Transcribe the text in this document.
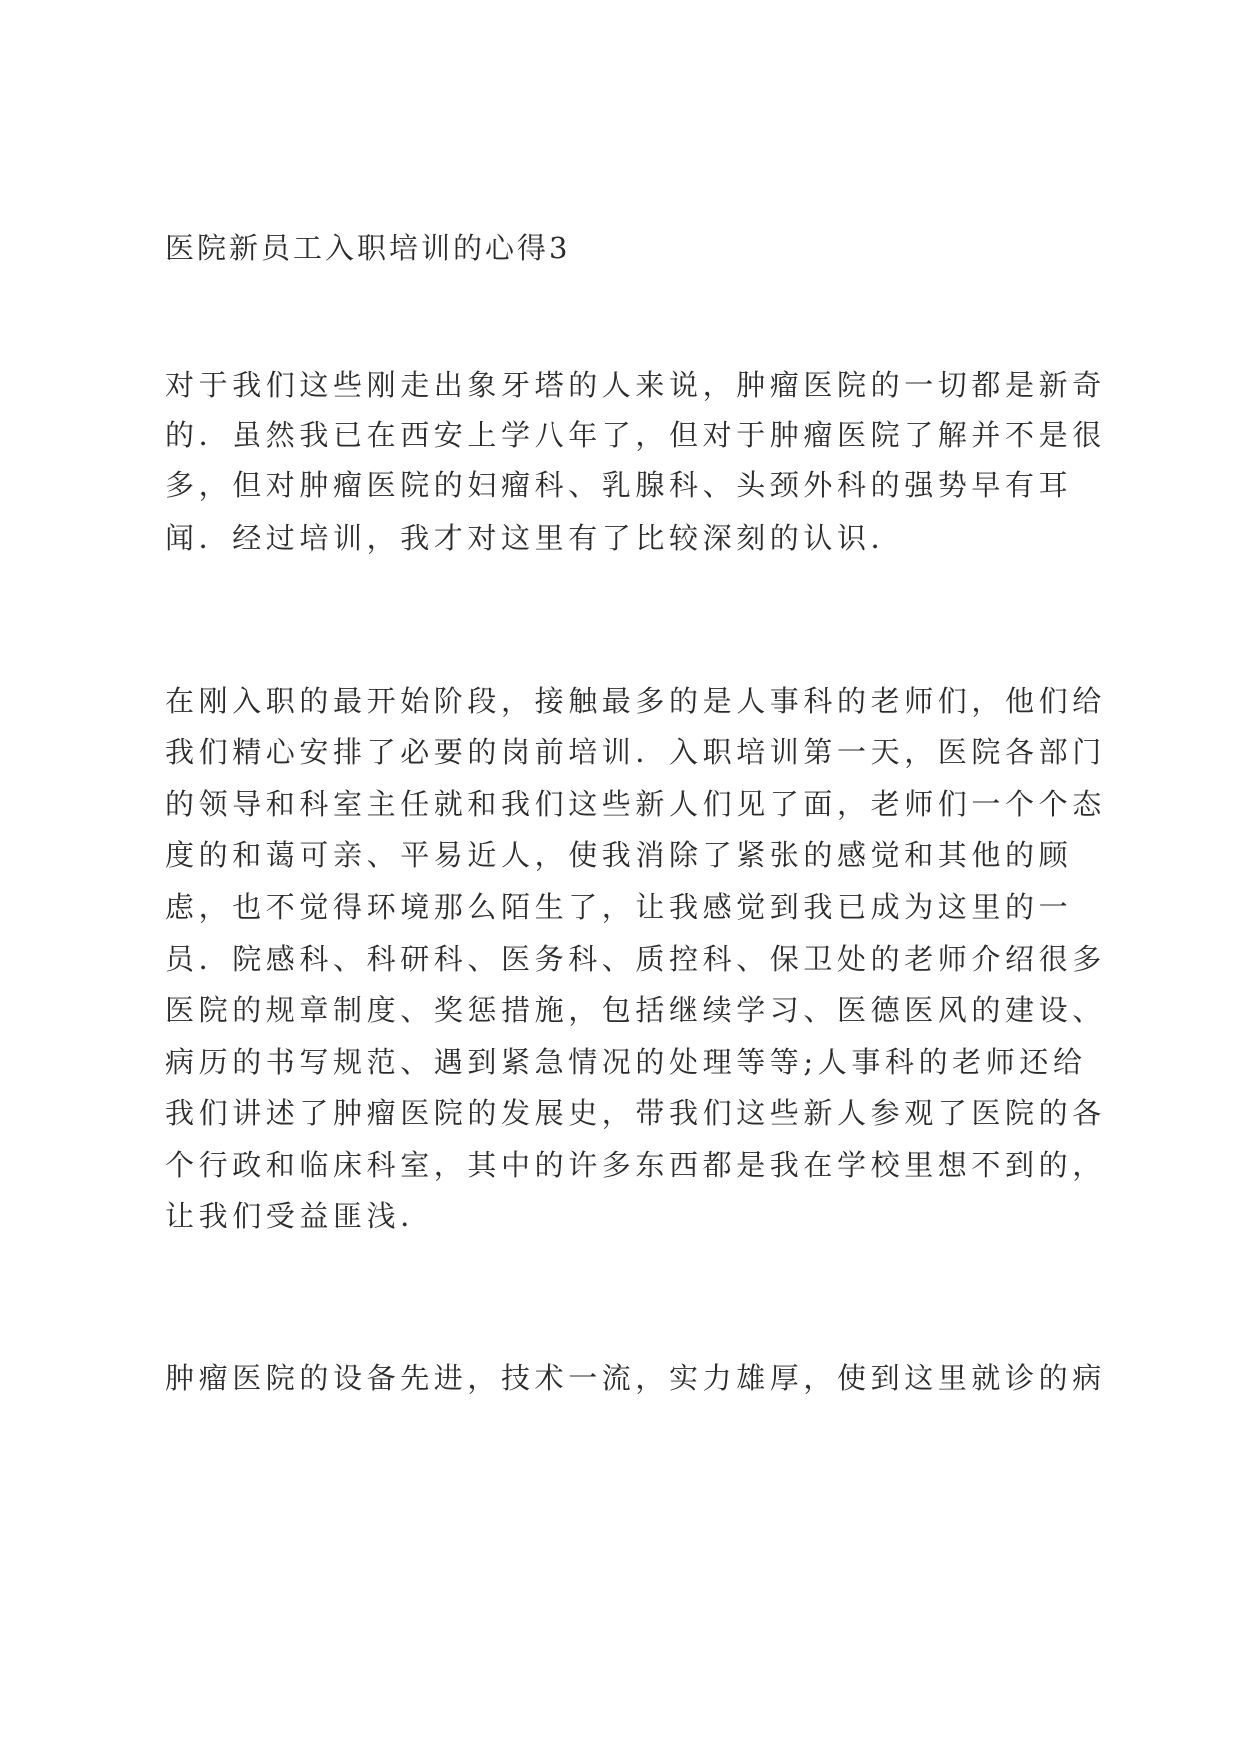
医院新员工入职培训的心得3
对于我们这些刚走出象牙塔的人来说，肿瘤医院的一切都是新奇
的．虽然我已在西安上学八年了，但对于肿瘤医院了解并不是很
多，但对肿瘤医院的妇瘤科、乳腺科、头颈外科的强势早有耳
闻．经过培训，我才对这里有了比较深刻的认识．
在刚入职的最开始阶段，接触最多的是人事科的老师们，他们给
我们精心安排了必要的岗前培训．入职培训第一天，医院各部门
的领导和科室主任就和我们这些新人们见了面，老师们一个个态
度的和蔼可亲、平易近人，使我消除了紧张的感觉和其他的顾
虑，也不觉得环境那么陌生了，让我感觉到我已成为这里的一
员．院感科、科研科、医务科、质控科、保卫处的老师介绍很多
医院的规章制度、奖惩措施，包括继续学习、医德医风的建设、
病历的书写规范、遇到紧急情况的处理等等;人事科的老师还给
我们讲述了肿瘤医院的发展史，带我们这些新人参观了医院的各
个行政和临床科室，其中的许多东西都是我在学校里想不到的，
让我们受益匪浅．
肿瘤医院的设备先进，技术一流，实力雄厚，使到这里就诊的病
